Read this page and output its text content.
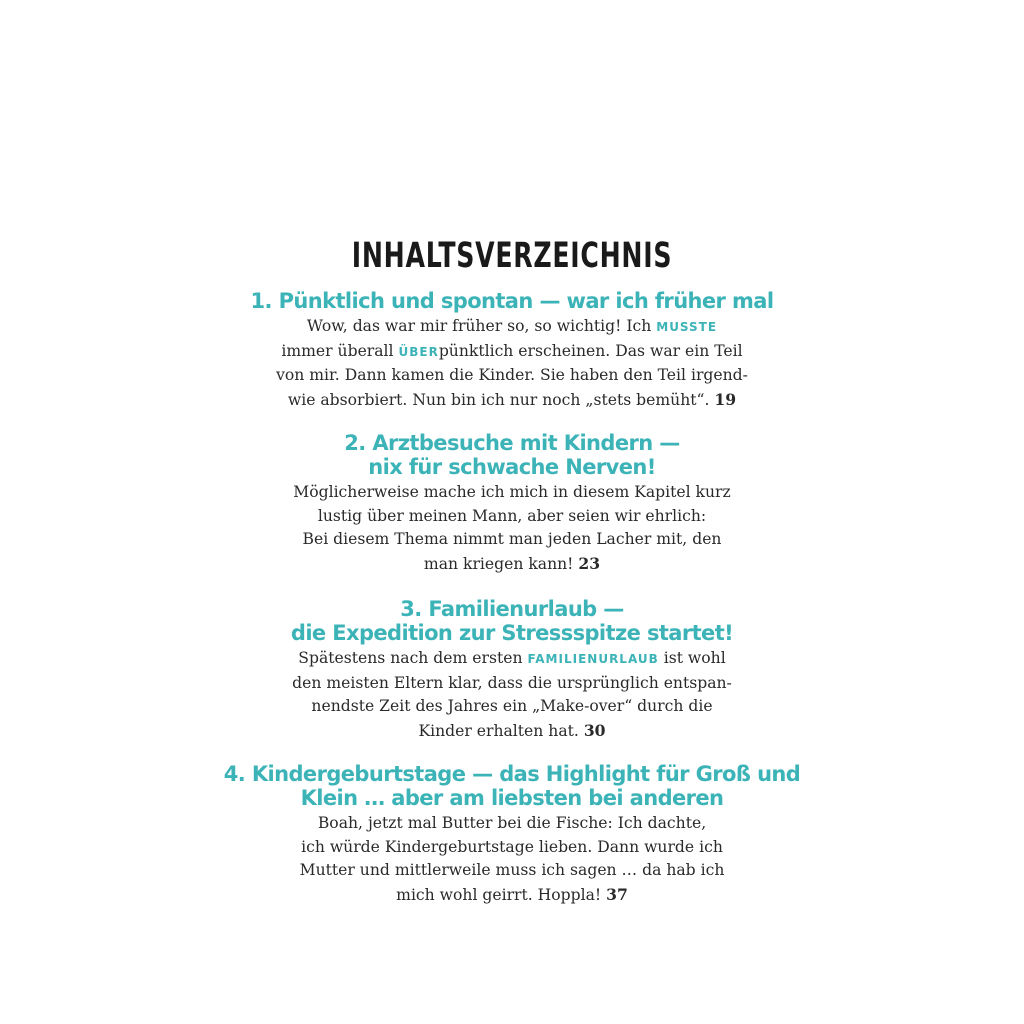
INHALTSVERZEICHNIS
1. Pünktlich und spontan — war ich früher mal
Wow, das war mir früher so, so wichtig! Ich MUSSTE
immer überall ÜBERpünktlich erscheinen. Das war ein Teil
von mir. Dann kamen die Kinder. Sie haben den Teil irgend-
wie absorbiert. Nun bin ich nur noch „stets bemüht“. 19
2. Arztbesuche mit Kindern —
nix für schwache Nerven!
Möglicherweise mache ich mich in diesem Kapitel kurz
lustig über meinen Mann, aber seien wir ehrlich:
Bei diesem Thema nimmt man jeden Lacher mit, den
man kriegen kann! 23
3. Familienurlaub —
die Expedition zur Stressspitze startet!
Spätestens nach dem ersten FAMILIENURLAUB ist wohl
den meisten Eltern klar, dass die ursprünglich entspan-
nendste Zeit des Jahres ein „Make-over“ durch die
Kinder erhalten hat. 30
4. Kindergeburtstage — das Highlight für Groß und
Klein … aber am liebsten bei anderen
Boah, jetzt mal Butter bei die Fische: Ich dachte,
ich würde Kindergeburtstage lieben. Dann wurde ich
Mutter und mittlerweile muss ich sagen … da hab ich
mich wohl geirrt. Hoppla! 37
